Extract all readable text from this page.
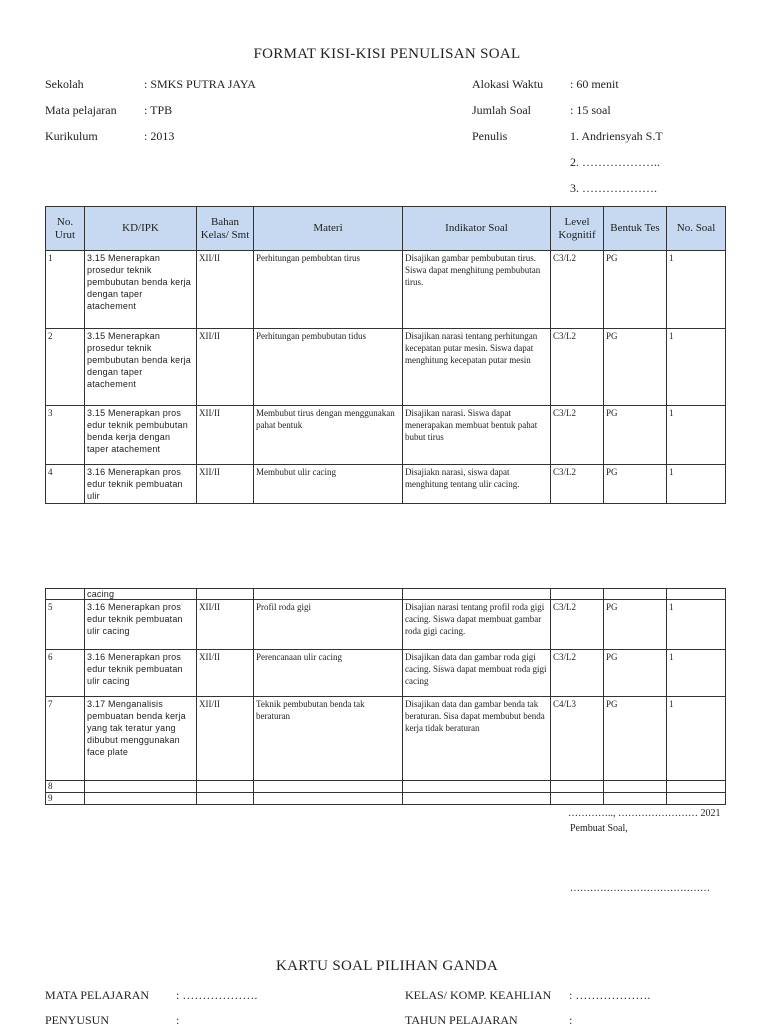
FORMAT KISI-KISI PENULISAN SOAL
Sekolah	: SMKS PUTRA JAYA
Mata pelajaran : TPB
Kurikulum	: 2013
Alokasi Waktu : 60 menit
Jumlah Soal	: 15 soal
Penulis	1. Andriensyah S.T
2. ………………..
3. ……………….
No. Urut	KD/IPK	Bahan Kelas/ Smt	Materi	Indikator Soal	Level Kognitif	Bentuk Tes	No. Soal
1	3.15 Menerapkan prosedur teknik pembubutan benda kerja dengan taper atachement	XII/II	Perhitungan pembubtan tirus	Disajikan gambar pembubutan tirus. Siswa dapat menghitung pembubutan tirus.	C3/L2	PG	1
2	3.15 Menerapkan prosedur teknik pembubutan benda kerja dengan taper atachement	XII/II	Perhitungan pembubutan tidus	Disajikan narasi tentang perhitungan kecepatan putar mesin. Siswa dapat menghitung kecepatan putar mesin	C3/L2	PG	1
3	3.15 Menerapkan pros edur teknik pembubutan benda kerja dengan taper atachement	XII/II	Membubut tirus dengan menggunakan pahat bentuk	Disajikan narasi. Siswa dapat menerapakan membuat bentuk pahat bubut tirus	C3/L2	PG	1
4	3.16 Menerapkan pros edur teknik pembuatan ulir	XII/II	Membubut ulir cacing	Disajiakn narasi, siswa dapat menghitung tentang ulir cacing.	C3/L2	PG	1
	cacing						
5	3.16 Menerapkan pros edur teknik pembuatan ulir cacing	XII/II	Profil roda gigi	Disajian narasi tentang profil roda gigi cacing. Siswa dapat membuat gambar roda gigi cacing.	C3/L2	PG	1
6	3.16 Menerapkan pros edur teknik pembuatan ulir cacing	XII/II	Perencanaan ulir cacing	Disajikan data dan gambar roda gigi cacing. Siswa dapat membuat roda gigi cacing	C3/L2	PG	1
7	3.17 Menganalisis pembuatan benda kerja yang tak teratur yang dibubut menggunakan face plate	XII/II	Teknik pembubutan benda tak beraturan	Disajikan data dan gambar benda tak beraturan. Sisa dapat membubut benda kerja tidak beraturan	C4/L3	PG	1
8							
9							
………….., …………………… 2021
Pembuat Soal,
……………………………………
KARTU SOAL PILIHAN GANDA
MATA PELAJARAN : ……………….	KELAS/ KOMP. KEAHLIAN : ……………….
PENYUSUN	:	TAHUN PELAJARAN	:
